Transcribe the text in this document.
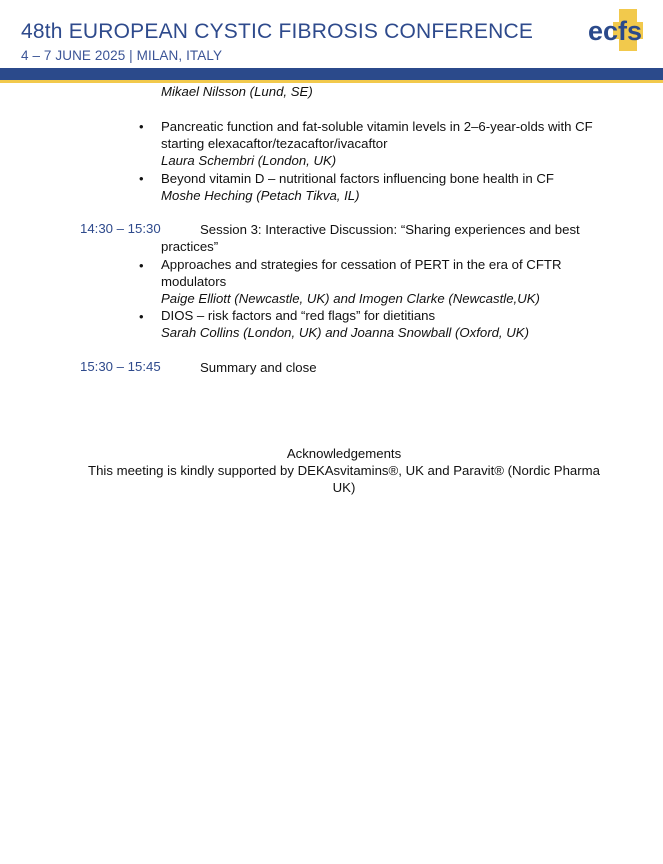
48th EUROPEAN CYSTIC FIBROSIS CONFERENCE
4 – 7 JUNE 2025 | MILAN, ITALY
ecfs
Mikael Nilsson (Lund, SE)
• Pancreatic function and fat-soluble vitamin levels in 2–6-year-olds with CF
starting elexacaftor/tezacaftor/ivacaftor
Laura Schembri (London, UK)
• Beyond vitamin D – nutritional factors influencing bone health in CF
Moshe Heching (Petach Tikva, IL)
14:30 – 15:30	Session 3: Interactive Discussion: “Sharing experiences and best
practices”
• Approaches and strategies for cessation of PERT in the era of CFTR
modulators
Paige Elliott (Newcastle, UK) and Imogen Clarke (Newcastle,UK)
• DIOS – risk factors and “red flags” for dietitians
Sarah Collins (London, UK) and Joanna Snowball (Oxford, UK)
15:30 – 15:45	Summary and close
Acknowledgements
This meeting is kindly supported by DEKAsvitamins®, UK and Paravit® (Nordic Pharma
UK)
